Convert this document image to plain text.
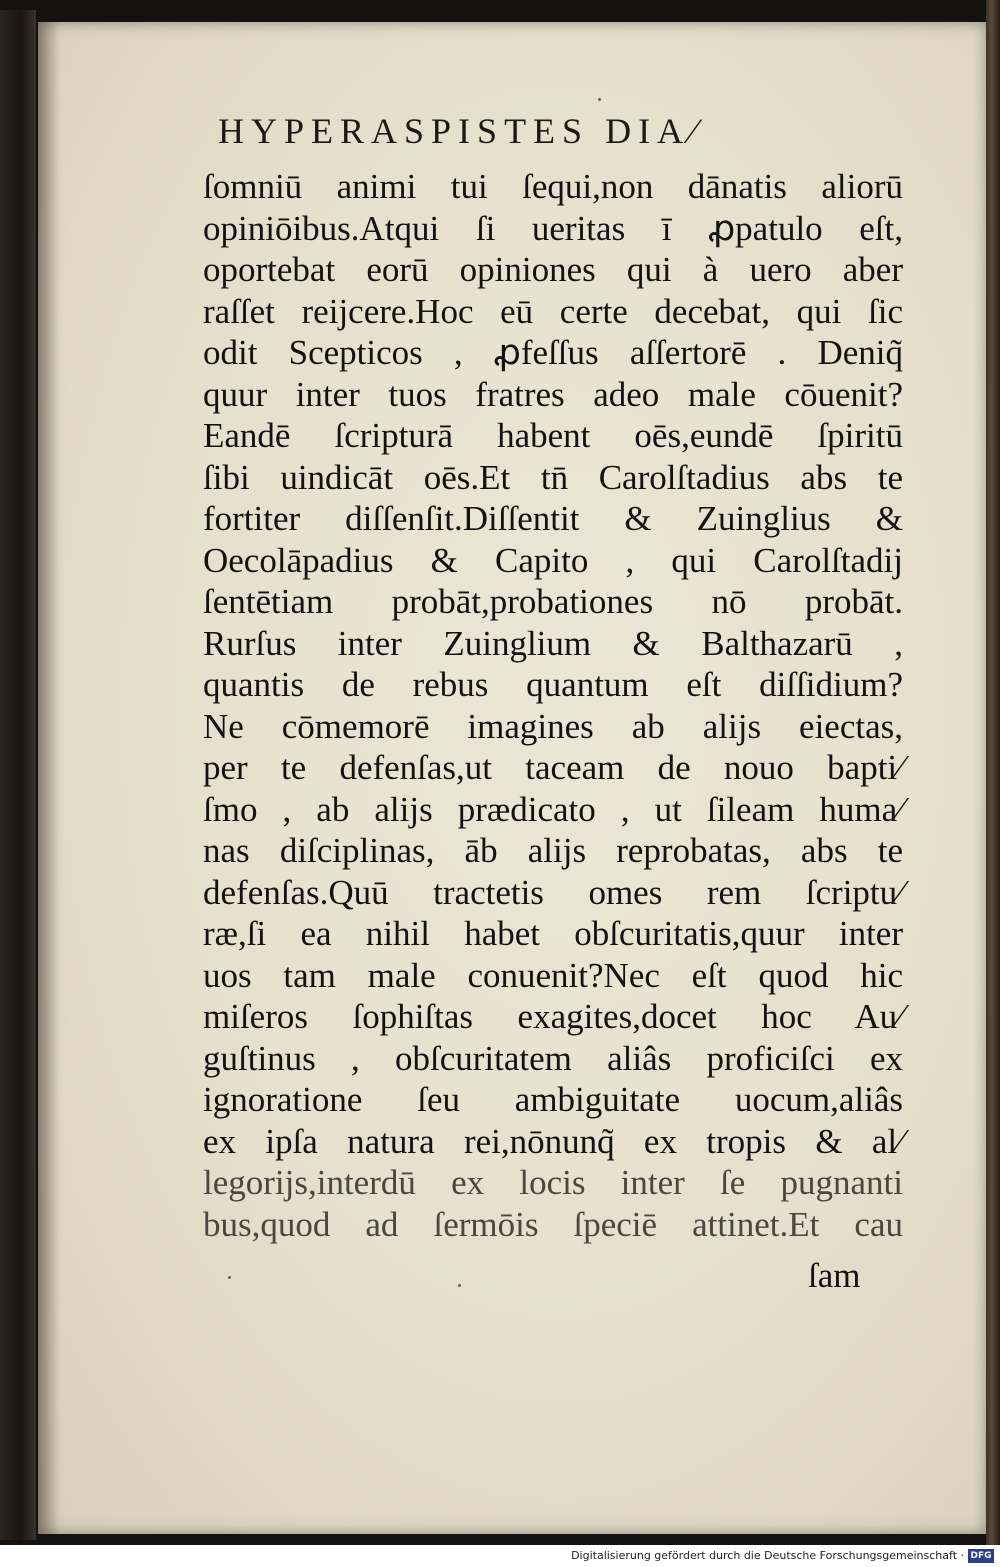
HYPERASPISTES DIA⁄
ſomniū animi tui ſequi,non dānatis aliorū
opiniōibus.Atqui ſi ueritas ī ꝓpatulo eſt,
oportebat eorū opiniones qui à uero aber
raſſet reijcere.Hoc eū certe decebat, qui ſic
odit Scepticos , ꝓfeſſus aſſertorē . Deniq̃
quur inter tuos fratres adeo male cōuenit?
Eandē ſcripturā habent oēs,eundē ſpiritū
ſibi uindicāt oēs.Et tn̄ Carolſtadius abs te
fortiter diſſenſit.Diſſentit & Zuinglius &
Oecolāpadius & Capito , qui Carolſtadij
ſentētiam probāt,probationes nō probāt.
Rurſus inter Zuinglium & Balthazarū ,
quantis de rebus quantum eſt diſſidium?
Ne cōmemorē imagines ab alijs eiectas,
per te defenſas,ut taceam de nouo bapti⁄
ſmo , ab alijs prædicato , ut ſileam huma⁄
nas diſciplinas, āb alijs reprobatas, abs te
defenſas.Quū tractetis omes rem ſcriptu⁄
ræ,ſi ea nihil habet obſcuritatis,quur inter
uos tam male conuenit?Nec eſt quod hic
miſeros ſophiſtas exagites,docet hoc Au⁄
guſtinus , obſcuritatem aliâs proficiſci ex
ignoratione ſeu ambiguitate uocum,aliâs
ex ipſa natura rei,nōnunq̃ ex tropis & al⁄
legorijs,interdū ex locis inter ſe pugnanti
bus,quod ad ſermōis ſpeciē attinet.Et cau
ſam
Digitalisierung gefördert durch die Deutsche Forschungsgemeinschaft · DFG
